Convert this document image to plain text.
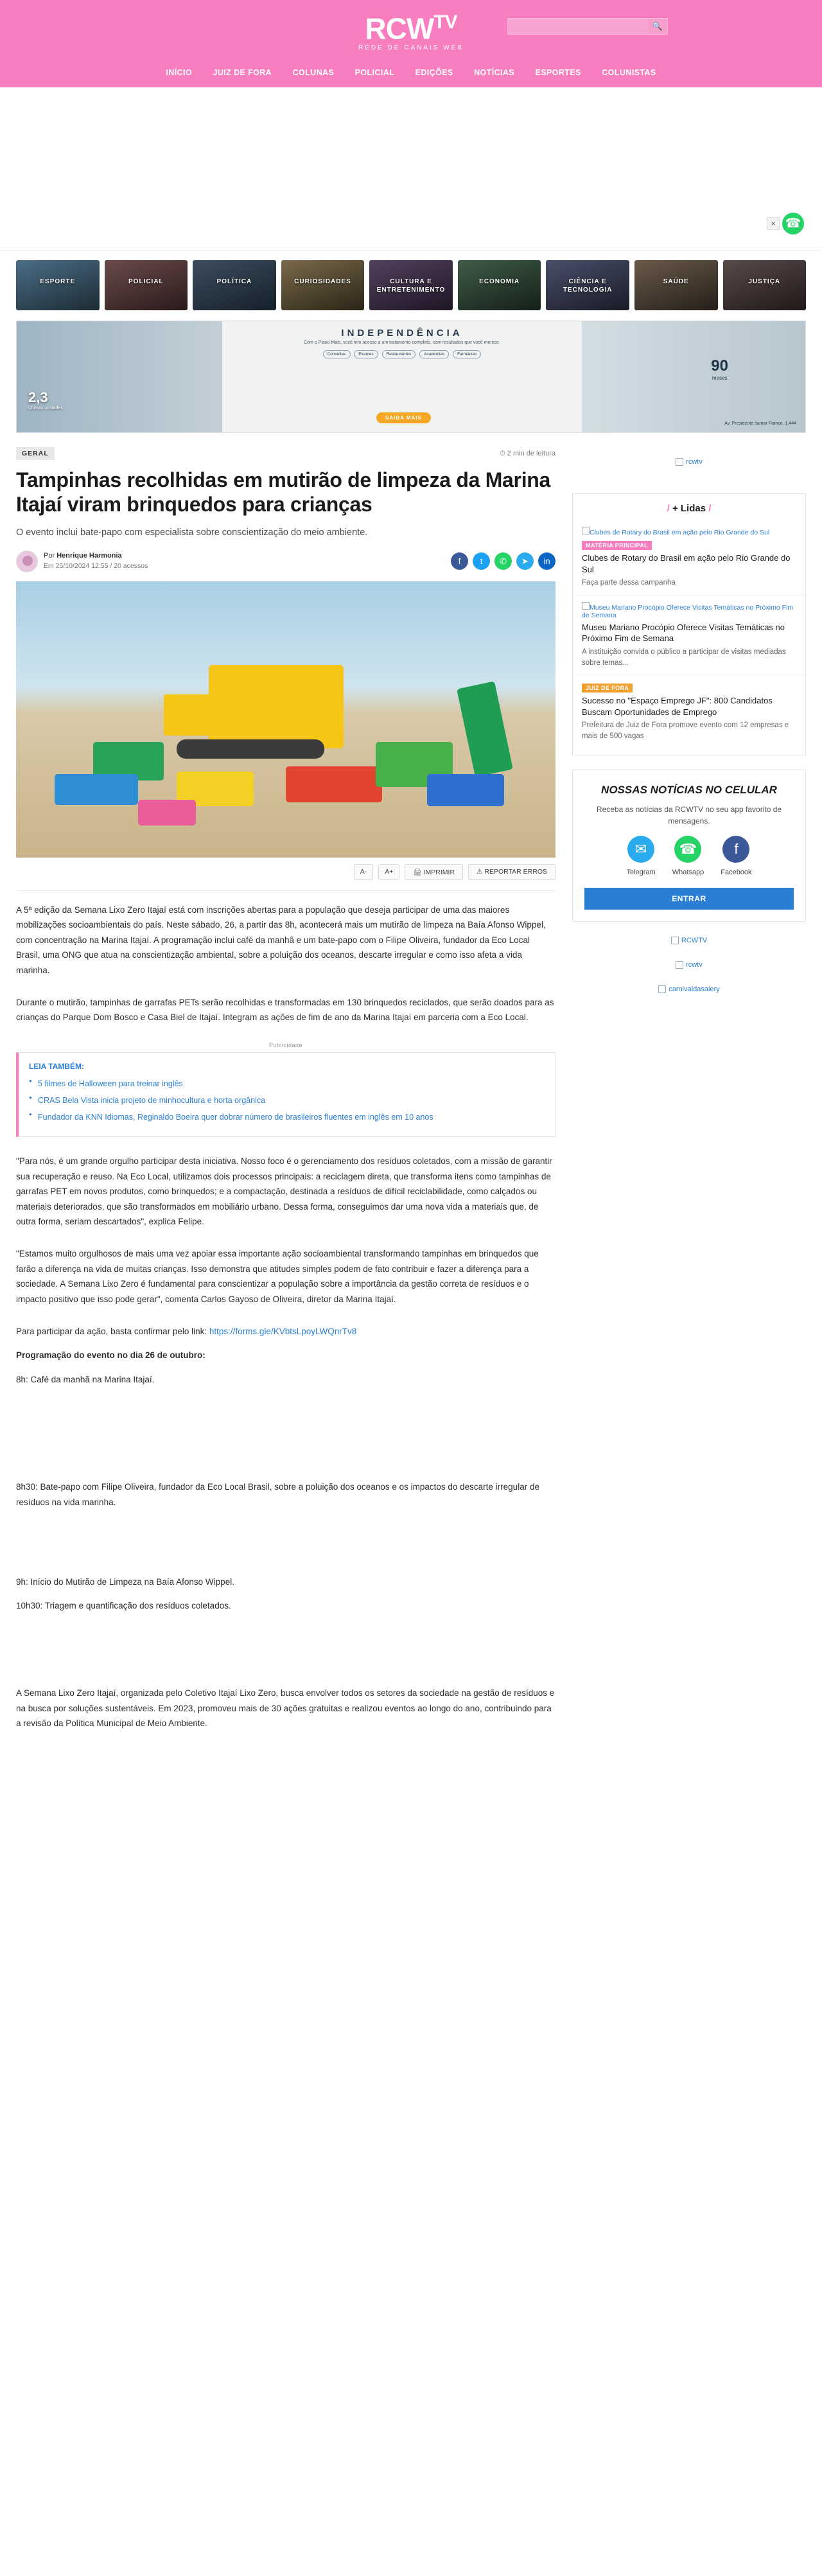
$RCW^{TV}$
REDE DE CANAIS WEB
🔍
INÍCIO	JUIZ DE FORA	COLUNAS	POLICIAL	EDIÇÕES	NOTÍCIAS	ESPORTES	COLUNISTAS
× ☎
ESPORTE	POLICIAL	POLÍTICA	CURIOSIDADES	CULTURA E ENTRETENIMENTO
ECONOMIA	CIÊNCIA E TECNOLOGIA
SAÚDE	JUSTIÇA
2,3
Últimas unidades
INDEPENDÊNCIA
Com o Plano Mais, você tem acesso a um tratamento completo, com resultados que você merece.
Consultas	Exames	Restaurantes	Academias	Farmácias
90
meses
SAIBA MAIS
Av. Presidente Itamar Franco, 1.444
GERAL	⏱ 2 min de leitura
Tampinhas recolhidas em mutirão de limpeza da Marina Itajaí viram brinquedos para crianças

O evento inclui bate-papo com especialista sobre conscientização do meio ambiente.

Por Henrique Harmonia
Em 25/10/2024 12:55 / 20 acessos	f	t	✆	➤	in
A-	A+	🖨 IMPRIMIR	⚠ REPORTAR ERROS

A 5ª edição da Semana Lixo Zero Itajaí está com inscrições abertas para a população que deseja participar de uma das maiores mobilizações socioambientais do país. Neste sábado, 26, a partir das 8h, acontecerá mais um mutirão de limpeza na Baía Afonso Wippel, com concentração na Marina Itajaí. A programação inclui café da manhã e um bate-papo com o Filipe Oliveira, fundador da Eco Local Brasil, uma ONG que atua na conscientização ambiental, sobre a poluição dos oceanos, descarte irregular e como isso afeta a vida marinha.

Durante o mutirão, tampinhas de garrafas PETs serão recolhidas e transformadas em 130 brinquedos reciclados, que serão doados para as crianças do Parque Dom Bosco e Casa Biel de Itajaí. Integram as ações de fim de ano da Marina Itajaí em parceria com a Eco Local.

Publicidade
LEIA TAMBÉM:
● 5 filmes de Halloween para treinar inglês
● CRAS Bela Vista inicia projeto de minhocultura e horta orgânica
● Fundador da KNN Idiomas, Reginaldo Boeira quer dobrar número de brasileiros fluentes em inglês em 10 anos

"Para nós, é um grande orgulho participar desta iniciativa. Nosso foco é o gerenciamento dos resíduos coletados, com a missão de garantir sua recuperação e reuso. Na Eco Local, utilizamos dois processos principais: a reciclagem direta, que transforma itens como tampinhas de garrafas PET em novos produtos, como brinquedos; e a compactação, destinada a resíduos de difícil reciclabilidade, como calçados ou materiais deteriorados, que são transformados em mobiliário urbano. Dessa forma, conseguimos dar uma nova vida a materiais que, de outra forma, seriam descartados", explica Felipe.

"Estamos muito orgulhosos de mais uma vez apoiar essa importante ação socioambiental transformando tampinhas em brinquedos que farão a diferença na vida de muitas crianças. Isso demonstra que atitudes simples podem de fato contribuir e fazer a diferença para a sociedade. A Semana Lixo Zero é fundamental para conscientizar a população sobre a importância da gestão correta de resíduos e o impacto positivo que isso pode gerar", comenta Carlos Gayoso de Oliveira, diretor da Marina Itajaí.

Para participar da ação, basta confirmar pelo link: https://forms.gle/KVbtsLpoyLWQnrTv8

Programação do evento no dia 26 de outubro:

8h: Café da manhã na Marina Itajaí.

8h30: Bate-papo com Filipe Oliveira, fundador da Eco Local Brasil, sobre a poluição dos oceanos e os impactos do descarte irregular de resíduos na vida marinha.

9h: Início do Mutirão de Limpeza na Baía Afonso Wippel.

10h30: Triagem e quantificação dos resíduos coletados.

A Semana Lixo Zero Itajaí, organizada pelo Coletivo Itajaí Lixo Zero, busca envolver todos os setores da sociedade na gestão de resíduos e na busca por soluções sustentáveis. Em 2023, promoveu mais de 30 ações gratuitas e realizou eventos ao longo do ano, contribuindo para a revisão da Política Municipal de Meio Ambiente.

rcwtv
/ + Lidas /
Clubes de Rotary do Brasil em ação pelo Rio Grande do Sul
MATÉRIA PRINCIPAL
Clubes de Rotary do Brasil em ação pelo Rio Grande do Sul
Faça parte dessa campanha
Museu Mariano Procópio Oferece Visitas Temáticas no Próximo Fim de Semana
Museu Mariano Procópio Oferece Visitas Temáticas no Próximo Fim de Semana
A instituição convida o público a participar de visitas mediadas sobre temas...
JUIZ DE FORA
Sucesso no "Espaço Emprego JF": 800 Candidatos Buscam Oportunidades de Emprego
Prefeitura de Juiz de Fora promove evento com 12 empresas e mais de 500 vagas
NOSSAS NOTÍCIAS NO CELULAR
Receba as notícias da RCWTV no seu app favorito de mensagens.
✉
Telegram
☎
Whatsapp
f
Facebook
ENTRAR
RCWTV
rcwtv
carnivaldasalery
